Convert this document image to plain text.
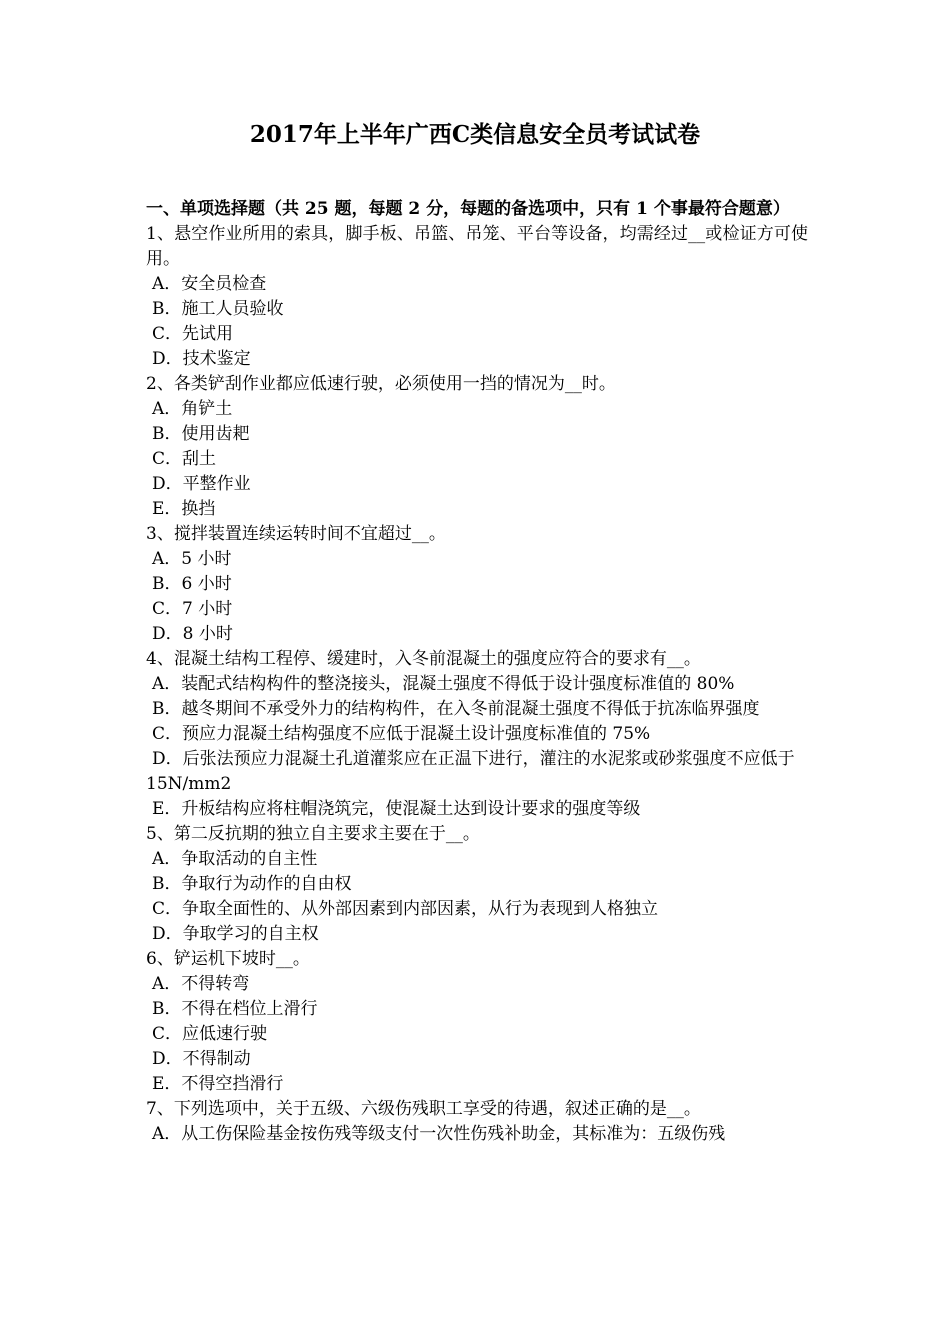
2017年上半年广西C类信息安全员考试试卷
一、单项选择题（共 25 题，每题 2 分，每题的备选项中，只有 1 个事最符合题意）
1、悬空作业所用的索具，脚手板、吊篮、吊笼、平台等设备，均需经过__或检证方可使用。
A．安全员检查
B．施工人员验收
C．先试用
D．技术鉴定
2、各类铲刮作业都应低速行驶，必须使用一挡的情况为__时。
A．角铲土
B．使用齿耙
C．刮土
D．平整作业
E．换挡
3、搅拌装置连续运转时间不宜超过__。
A．5 小时
B．6 小时
C．7 小时
D．8 小时
4、混凝土结构工程停、缓建时，入冬前混凝土的强度应符合的要求有__。
A．装配式结构构件的整浇接头，混凝土强度不得低于设计强度标准值的 80%
B．越冬期间不承受外力的结构构件，在入冬前混凝土强度不得低于抗冻临界强度
C．预应力混凝土结构强度不应低于混凝土设计强度标准值的 75%
D．后张法预应力混凝土孔道灌浆应在正温下进行，灌注的水泥浆或砂浆强度不应低于 15N/mm2
E．升板结构应将柱帽浇筑完，使混凝土达到设计要求的强度等级
5、第二反抗期的独立自主要求主要在于__。
A．争取活动的自主性
B．争取行为动作的自由权
C．争取全面性的、从外部因素到内部因素，从行为表现到人格独立
D．争取学习的自主权
6、铲运机下坡时__。
A．不得转弯
B．不得在档位上滑行
C．应低速行驶
D．不得制动
E．不得空挡滑行
7、下列选项中，关于五级、六级伤残职工享受的待遇，叙述正确的是__。
A．从工伤保险基金按伤残等级支付一次性伤残补助金，其标准为：五级伤残
